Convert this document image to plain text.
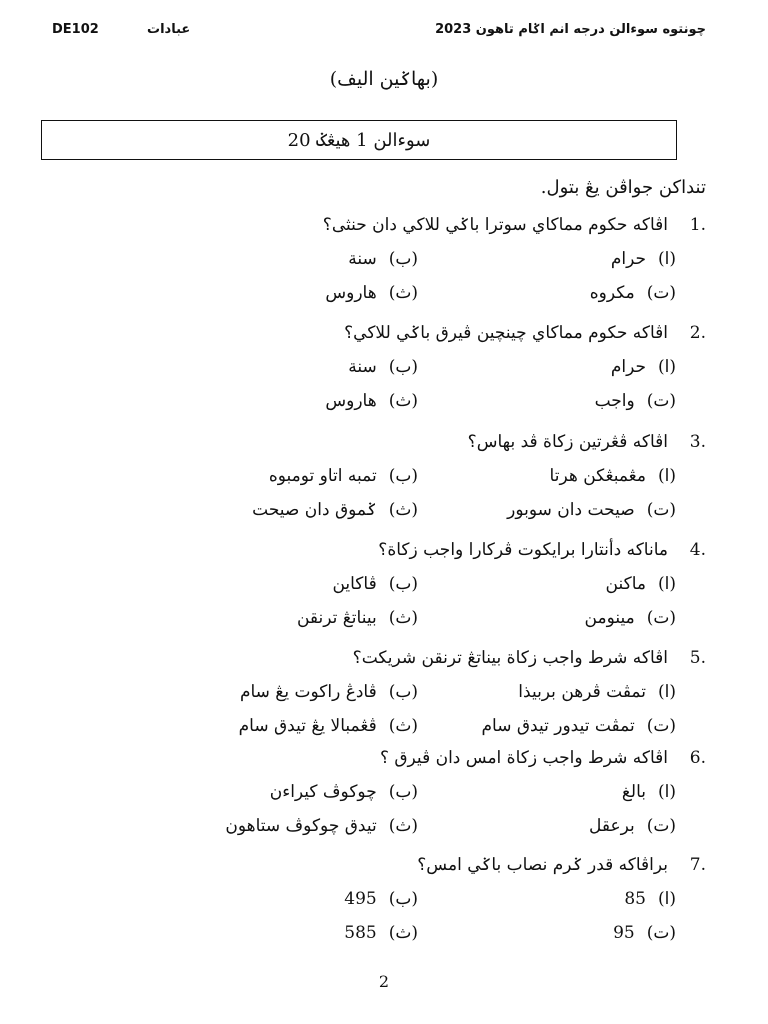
DE102	عبادات	چونتوه سوءالن درجه انم اݢام تاهون 2023
(بهاݢين اليف)
سوءالن 1 هيڠݢ 20
تنداکن جواڤن يڠ بتول.
1.
اڤاکه حکوم مماکاي سوترا باݢي للاکي دان حنثى؟
(ا)حرام
(ب)سنة
(ت)مکروه
(ث)هاروس
2.
اڤاکه حکوم مماکاي چينچين ڤيرق باݢي للاکي؟
(ا)حرام
(ب)سنة
(ت)واجب
(ث)هاروس
3.
اڤاکه ڤڠرتين زکاة ڤد بهاس؟
(ا)مڠمبڠکن هرتا
(ب)تمبه اتاو تومبوه
(ت)صيحت دان سوبور
(ث)ݢموق دان صيحت
4.
ماناکه دأنتارا برايکوت ڤرکارا واجب زکاة؟
(ا)ماکنن
(ب)ڤاکاين
(ت)مينومن
(ث)بيناتڠ ترنقن
5.
اڤاکه شرط واجب زکاة بيناتڠ ترنقن شريکت؟
(ا)تمڤت ڤرهن بربيذا
(ب)ڤادڠ راکوت يڠ سام
(ت)تمڤت تيدور تيدق سام
(ث)ڤڠمبالا يڠ تيدق سام
6.
اڤاکه شرط واجب زکاة امس دان ڤيرق ؟
(ا)بالغ
(ب)چوکوڤ کيراءن
(ت)برعقل
(ث)تيدق چوکوڤ ستاهون
7.
براڤاکه قدر ݢرم نصاب باݢي امس؟
(ا)85
(ب)495
(ت)95
(ث)585
2
